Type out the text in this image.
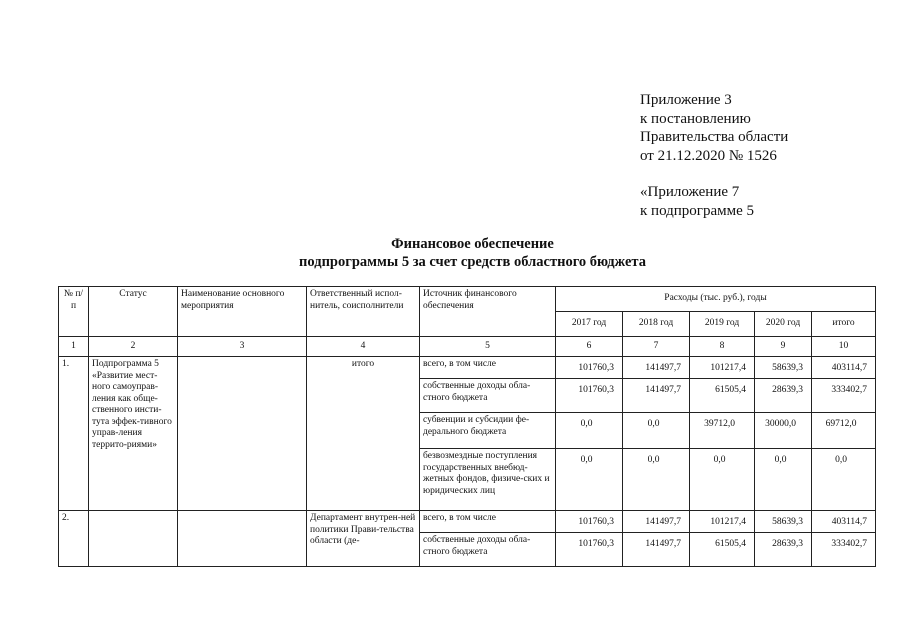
Приложение 3
к постановлению
Правительства области
от 21.12.2020 № 1526
«Приложение 7
к подпрограмме 5
Финансовое обеспечение
подпрограммы 5 за счет средств областного бюджета
№ п/п	Статус	Наименование основного мероприятия	Ответственный испол-нитель, соисполнители	Источник финансового обеспечения	Расходы (тыс. руб.), годы				
					2017 год	2018 год	2019 год	2020 год	итого
1	2	3	4	5	6	7	8	9	10
1.	Подпрограмма 5 «Развитие мест-ного самоуправ-ления как обще-ственного инсти-тута эффек-тивного управ-ления террито-риями»		итого	всего, в том числе	101760,3	141497,7	101217,4	58639,3	403114,7
				собственные доходы обла-стного бюджета	101760,3	141497,7	61505,4	28639,3	333402,7
				субвенции и субсидии фе-дерального бюджета	0,0	0,0	39712,0	30000,0	69712,0
				безвозмездные поступления государственных внебюд-жетных фондов, физиче-ских и юридических лиц	0,0	0,0	0,0	0,0	0,0
2.			Департамент внутрен-ней политики Прави-тельства области (де-	всего, в том числе	101760,3	141497,7	101217,4	58639,3	403114,7
				собственные доходы обла-стного бюджета	101760,3	141497,7	61505,4	28639,3	333402,7
